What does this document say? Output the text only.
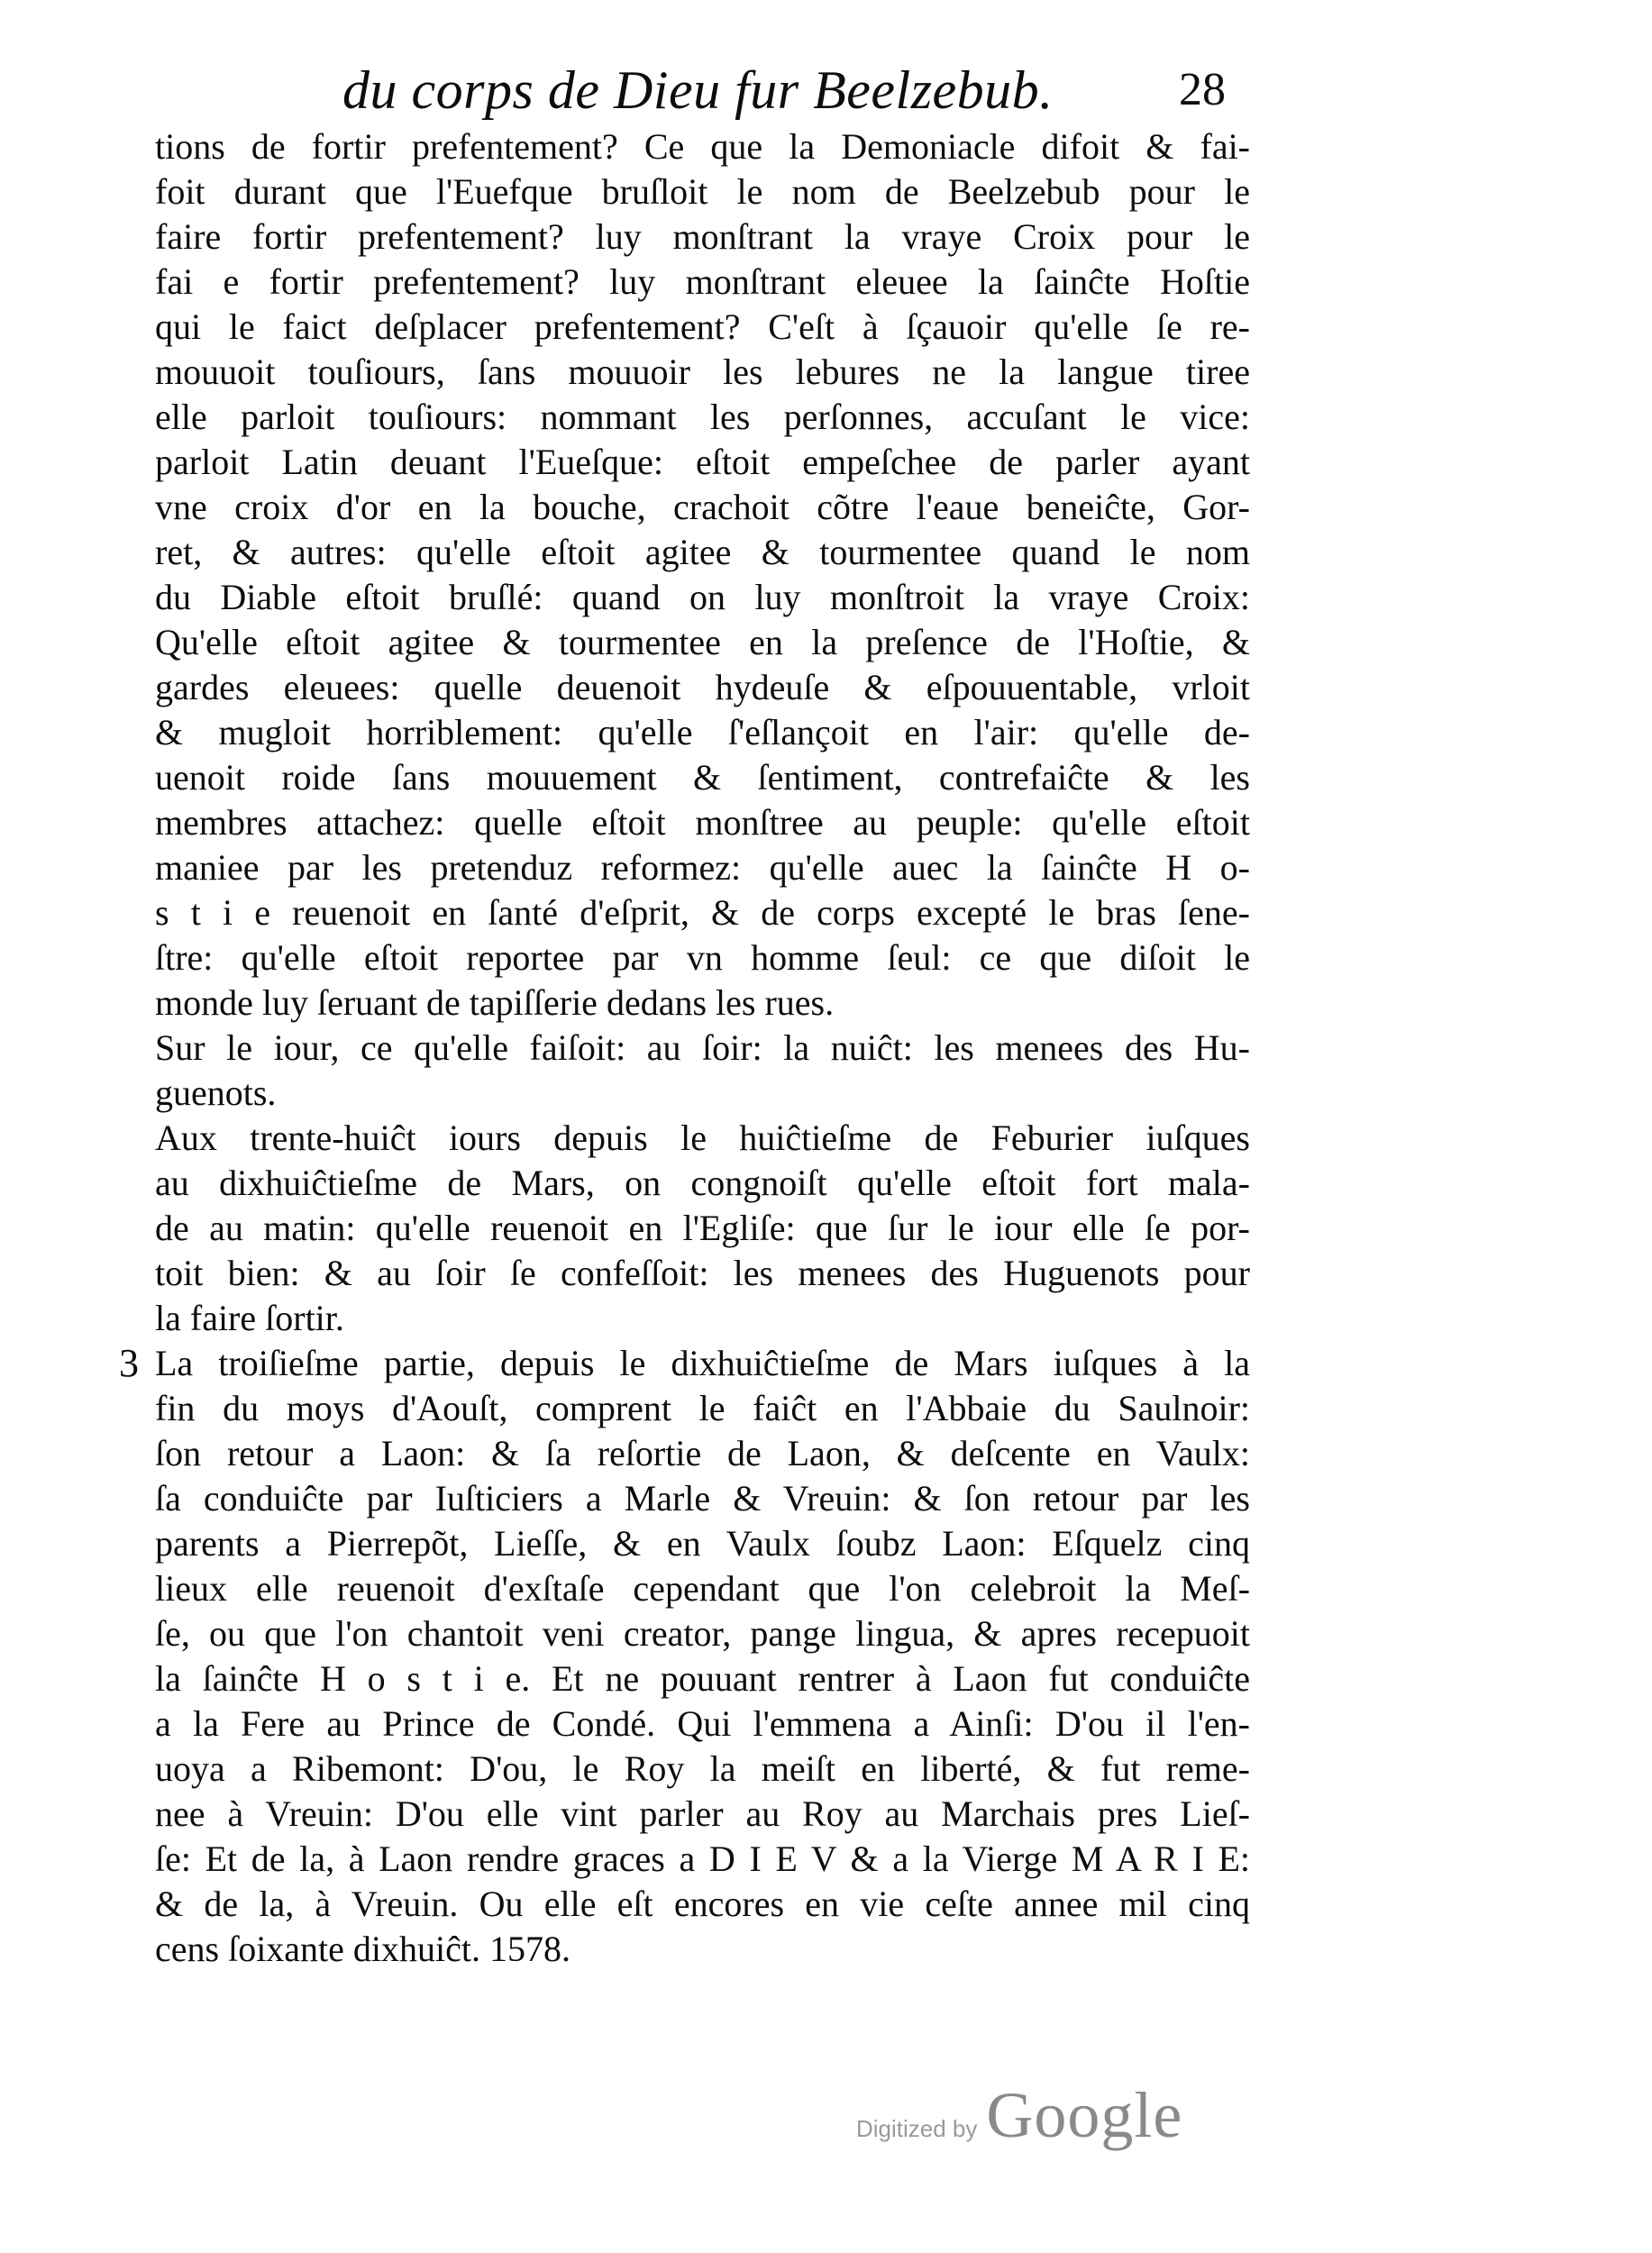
du corps de Dieu fur Beelzebub.	28
tions de fortir prefentement? Ce que la Demoniacle difoit & fai-
foit durant que l'Euefque bruſloit le nom de Beelzebub pour le
faire fortir prefentement? luy monſtrant la vraye Croix pour le
fai e fortir prefentement? luy monſtrant eleuee la ſainĉte Hoſtie
qui le faict deſplacer prefentement? C'eſt à ſçauoir qu'elle ſe re-
mouuoit touſiours, ſans mouuoir les lebures ne la langue tiree
elle parloit touſiours: nommant les perſonnes, accuſant le vice:
parloit Latin deuant l'Eueſque: eſtoit empeſchee de parler ayant
vne croix d'or en la bouche, crachoit cõtre l'eaue beneiĉte, Gor-
ret, & autres: qu'elle eſtoit agitee & tourmentee quand le nom
du Diable eſtoit bruſlé: quand on luy monſtroit la vraye Croix:
Qu'elle eſtoit agitee & tourmentee en la preſence de l'Hoſtie, &
gardes eleuees: quelle deuenoit hydeuſe & eſpouuentable, vrloit
& mugloit horriblement: qu'elle ſ'eſlançoit en l'air: qu'elle de-
uenoit roide ſans mouuement & ſentiment, contrefaiĉte & les
membres attachez: quelle eſtoit monſtree au peuple: qu'elle eſtoit
maniee par les pretenduz reformez: qu'elle auec la ſainĉte H o-
s t i e reuenoit en ſanté d'eſprit, & de corps excepté le bras ſene-
ſtre: qu'elle eſtoit reportee par vn homme ſeul: ce que diſoit le
monde luy ſeruant de tapiſſerie dedans les rues.
Sur le iour, ce qu'elle faiſoit: au ſoir: la nuiĉt: les menees des Hu-
guenots.
Aux trente-huiĉt iours depuis le huiĉtieſme de Feburier iuſques
au dixhuiĉtieſme de Mars, on congnoiſt qu'elle eſtoit fort mala-
de au matin: qu'elle reuenoit en l'Egliſe: que ſur le iour elle ſe por-
toit bien: & au ſoir ſe confeſſoit: les menees des Huguenots pour
la faire ſortir.
3 La troiſieſme partie, depuis le dixhuiĉtieſme de Mars iuſques à la
fin du moys d'Aouſt, comprent le faiĉt en l'Abbaie du Saulnoir:
ſon retour a Laon: & ſa reſortie de Laon, & deſcente en Vaulx:
ſa conduiĉte par Iuſticiers a Marle & Vreuin: & ſon retour par les
parents a Pierrepõt, Lieſſe, & en Vaulx ſoubz Laon: Eſquelz cinq
lieux elle reuenoit d'exſtaſe cependant que l'on celebroit la Meſ-
ſe, ou que l'on chantoit veni creator, pange lingua, & apres recepuoit
la ſainĉte H o s t i e. Et ne pouuant rentrer à Laon fut conduiĉte
a la Fere au Prince de Condé. Qui l'emmena a Ainſi: D'ou il l'en-
uoya a Ribemont: D'ou, le Roy la meiſt en liberté, & fut reme-
nee à Vreuin: D'ou elle vint parler au Roy au Marchais pres Lieſ-
ſe: Et de la, à Laon rendre graces a D I E V & a la Vierge M A R I E:
& de la, à Vreuin. Ou elle eſt encores en vie ceſte annee mil cinq
cens ſoixante dixhuiĉt. 1578.
Digitized by Google
